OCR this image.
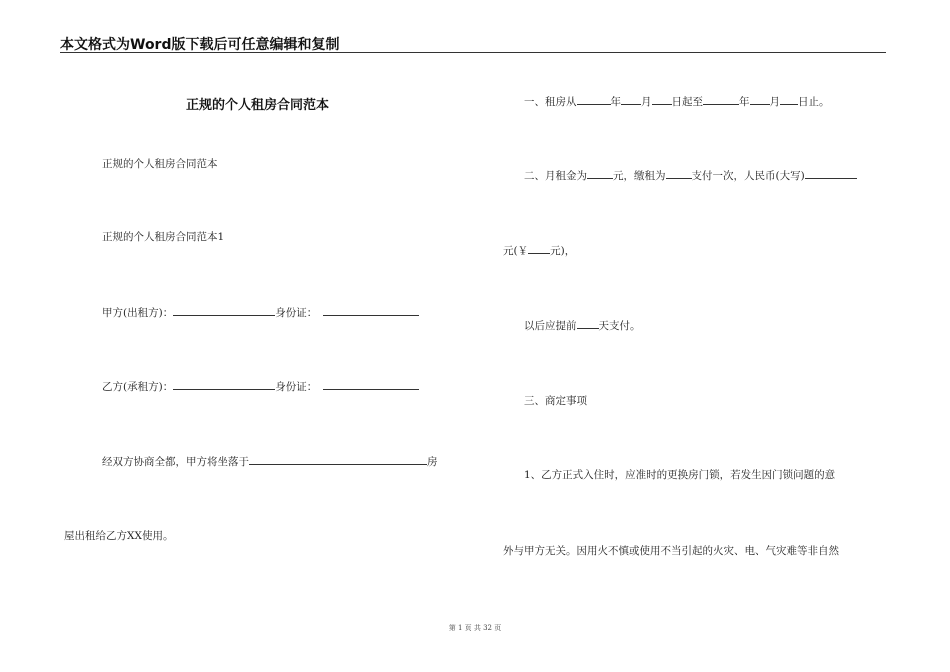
本文格式为Word版下载后可任意编辑和复制
正规的个人租房合同范本
正规的个人租房合同范本
正规的个人租房合同范本1
甲方(出租方)：	身份证：
乙方(承租方)：	身份证：
经双方协商全都，甲方将坐落于	房
屋出租给乙方XX使用。
一、租房从	年 月 日起至	年 月 日止。
二、月租金为 元，缴租为 支付一次，人民币(大写)
元(￥ 元)，
以后应提前 天支付。
三、商定事项
1、乙方正式入住时，应准时的更换房门锁，若发生因门锁问题的意
外与甲方无关。因用火不慎或使用不当引起的火灾、电、气灾难等非自然
第 1 页 共 32 页
